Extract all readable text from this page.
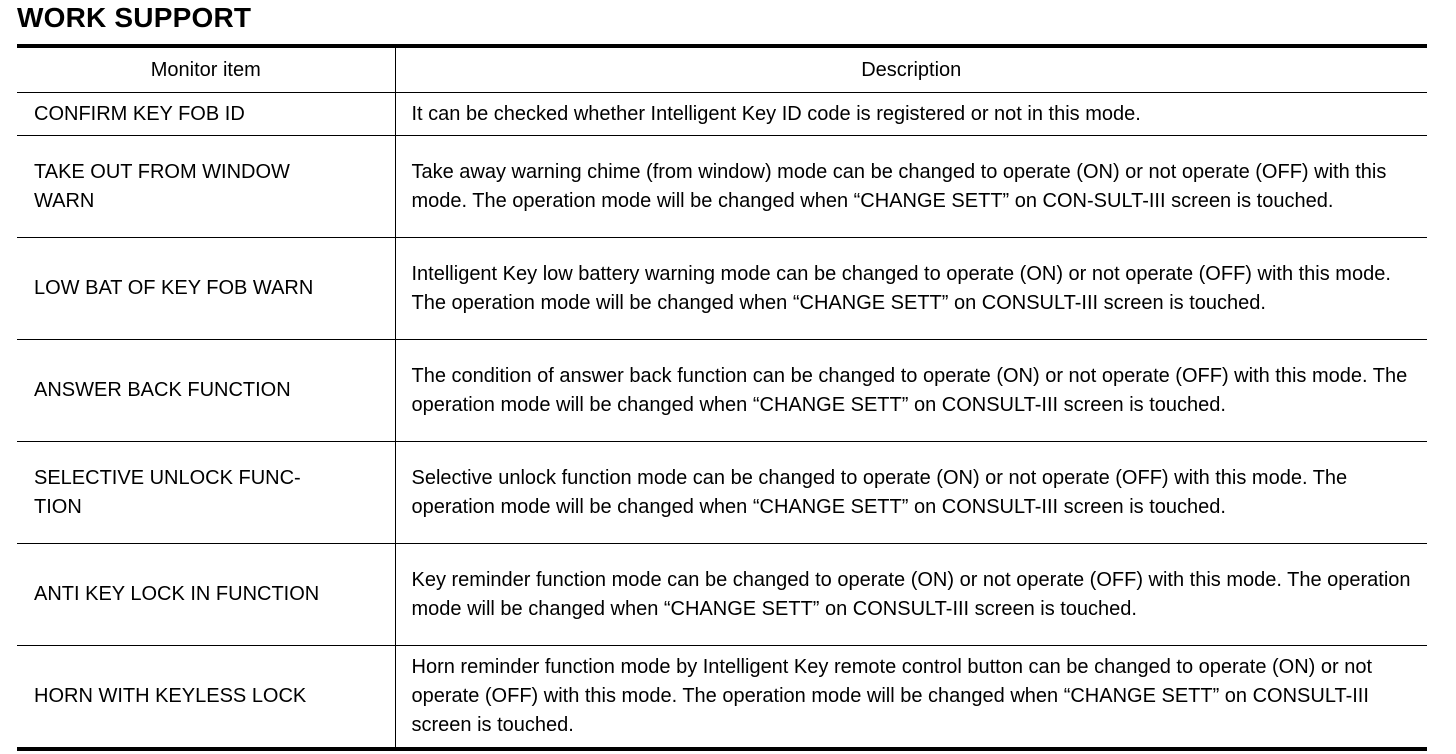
WORK SUPPORT
Monitor item	Description
CONFIRM KEY FOB ID	It can be checked whether Intelligent Key ID code is registered or not in this mode.
TAKE OUT FROM WINDOW
WARN	Take away warning chime (from window) mode can be changed to operate (ON) or not operate (OFF) with this mode. The operation mode will be changed when “CHANGE SETT” on CON-SULT-III screen is touched.
LOW BAT OF KEY FOB WARN	Intelligent Key low battery warning mode can be changed to operate (ON) or not operate (OFF) with this mode. The operation mode will be changed when “CHANGE SETT” on CONSULT-III screen is touched.
ANSWER BACK FUNCTION	The condition of answer back function can be changed to operate (ON) or not operate (OFF) with this mode. The operation mode will be changed when “CHANGE SETT” on CONSULT-III screen is touched.
SELECTIVE UNLOCK FUNC-
TION	Selective unlock function mode can be changed to operate (ON) or not operate (OFF) with this mode. The operation mode will be changed when “CHANGE SETT” on CONSULT-III screen is touched.
ANTI KEY LOCK IN FUNCTION	Key reminder function mode can be changed to operate (ON) or not operate (OFF) with this mode. The operation mode will be changed when “CHANGE SETT” on CONSULT-III screen is touched.
HORN WITH KEYLESS LOCK	Horn reminder function mode by Intelligent Key remote control button can be changed to operate (ON) or not operate (OFF) with this mode. The operation mode will be changed when “CHANGE SETT” on CONSULT-III screen is touched.
